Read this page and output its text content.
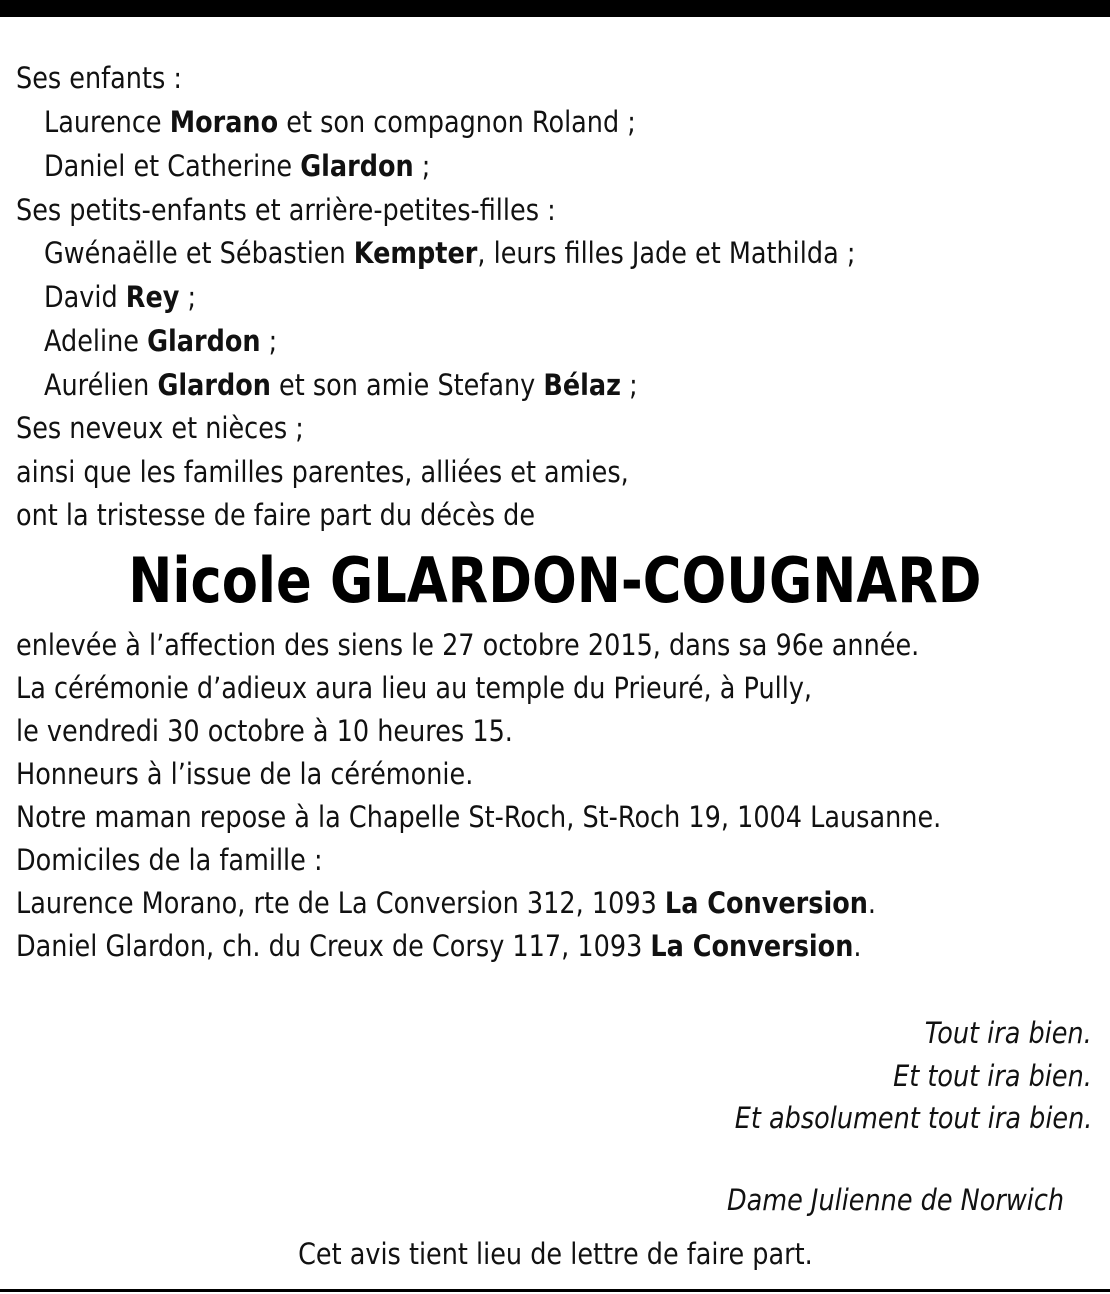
Ses enfants :
Laurence Morano et son compagnon Roland ;
Daniel et Catherine Glardon ;
Ses petits-enfants et arrière-petites-filles :
Gwénaëlle et Sébastien Kempter, leurs filles Jade et Mathilda ;
David Rey ;
Adeline Glardon ;
Aurélien Glardon et son amie Stefany Bélaz ;
Ses neveux et nièces ;
ainsi que les familles parentes, alliées et amies,
ont la tristesse de faire part du décès de
Nicole GLARDON-COUGNARD
enlevée à l’affection des siens le 27 octobre 2015, dans sa 96e année.
La cérémonie d’adieux aura lieu au temple du Prieuré, à Pully,
le vendredi 30 octobre à 10 heures 15.
Honneurs à l’issue de la cérémonie.
Notre maman repose à la Chapelle St-Roch, St-Roch 19, 1004 Lausanne.
Domiciles de la famille :
Laurence Morano, rte de La Conversion 312, 1093 La Conversion.
Daniel Glardon, ch. du Creux de Corsy 117, 1093 La Conversion.
Tout ira bien.
Et tout ira bien.
Et absolument tout ira bien.
Dame Julienne de Norwich
Cet avis tient lieu de lettre de faire part.
